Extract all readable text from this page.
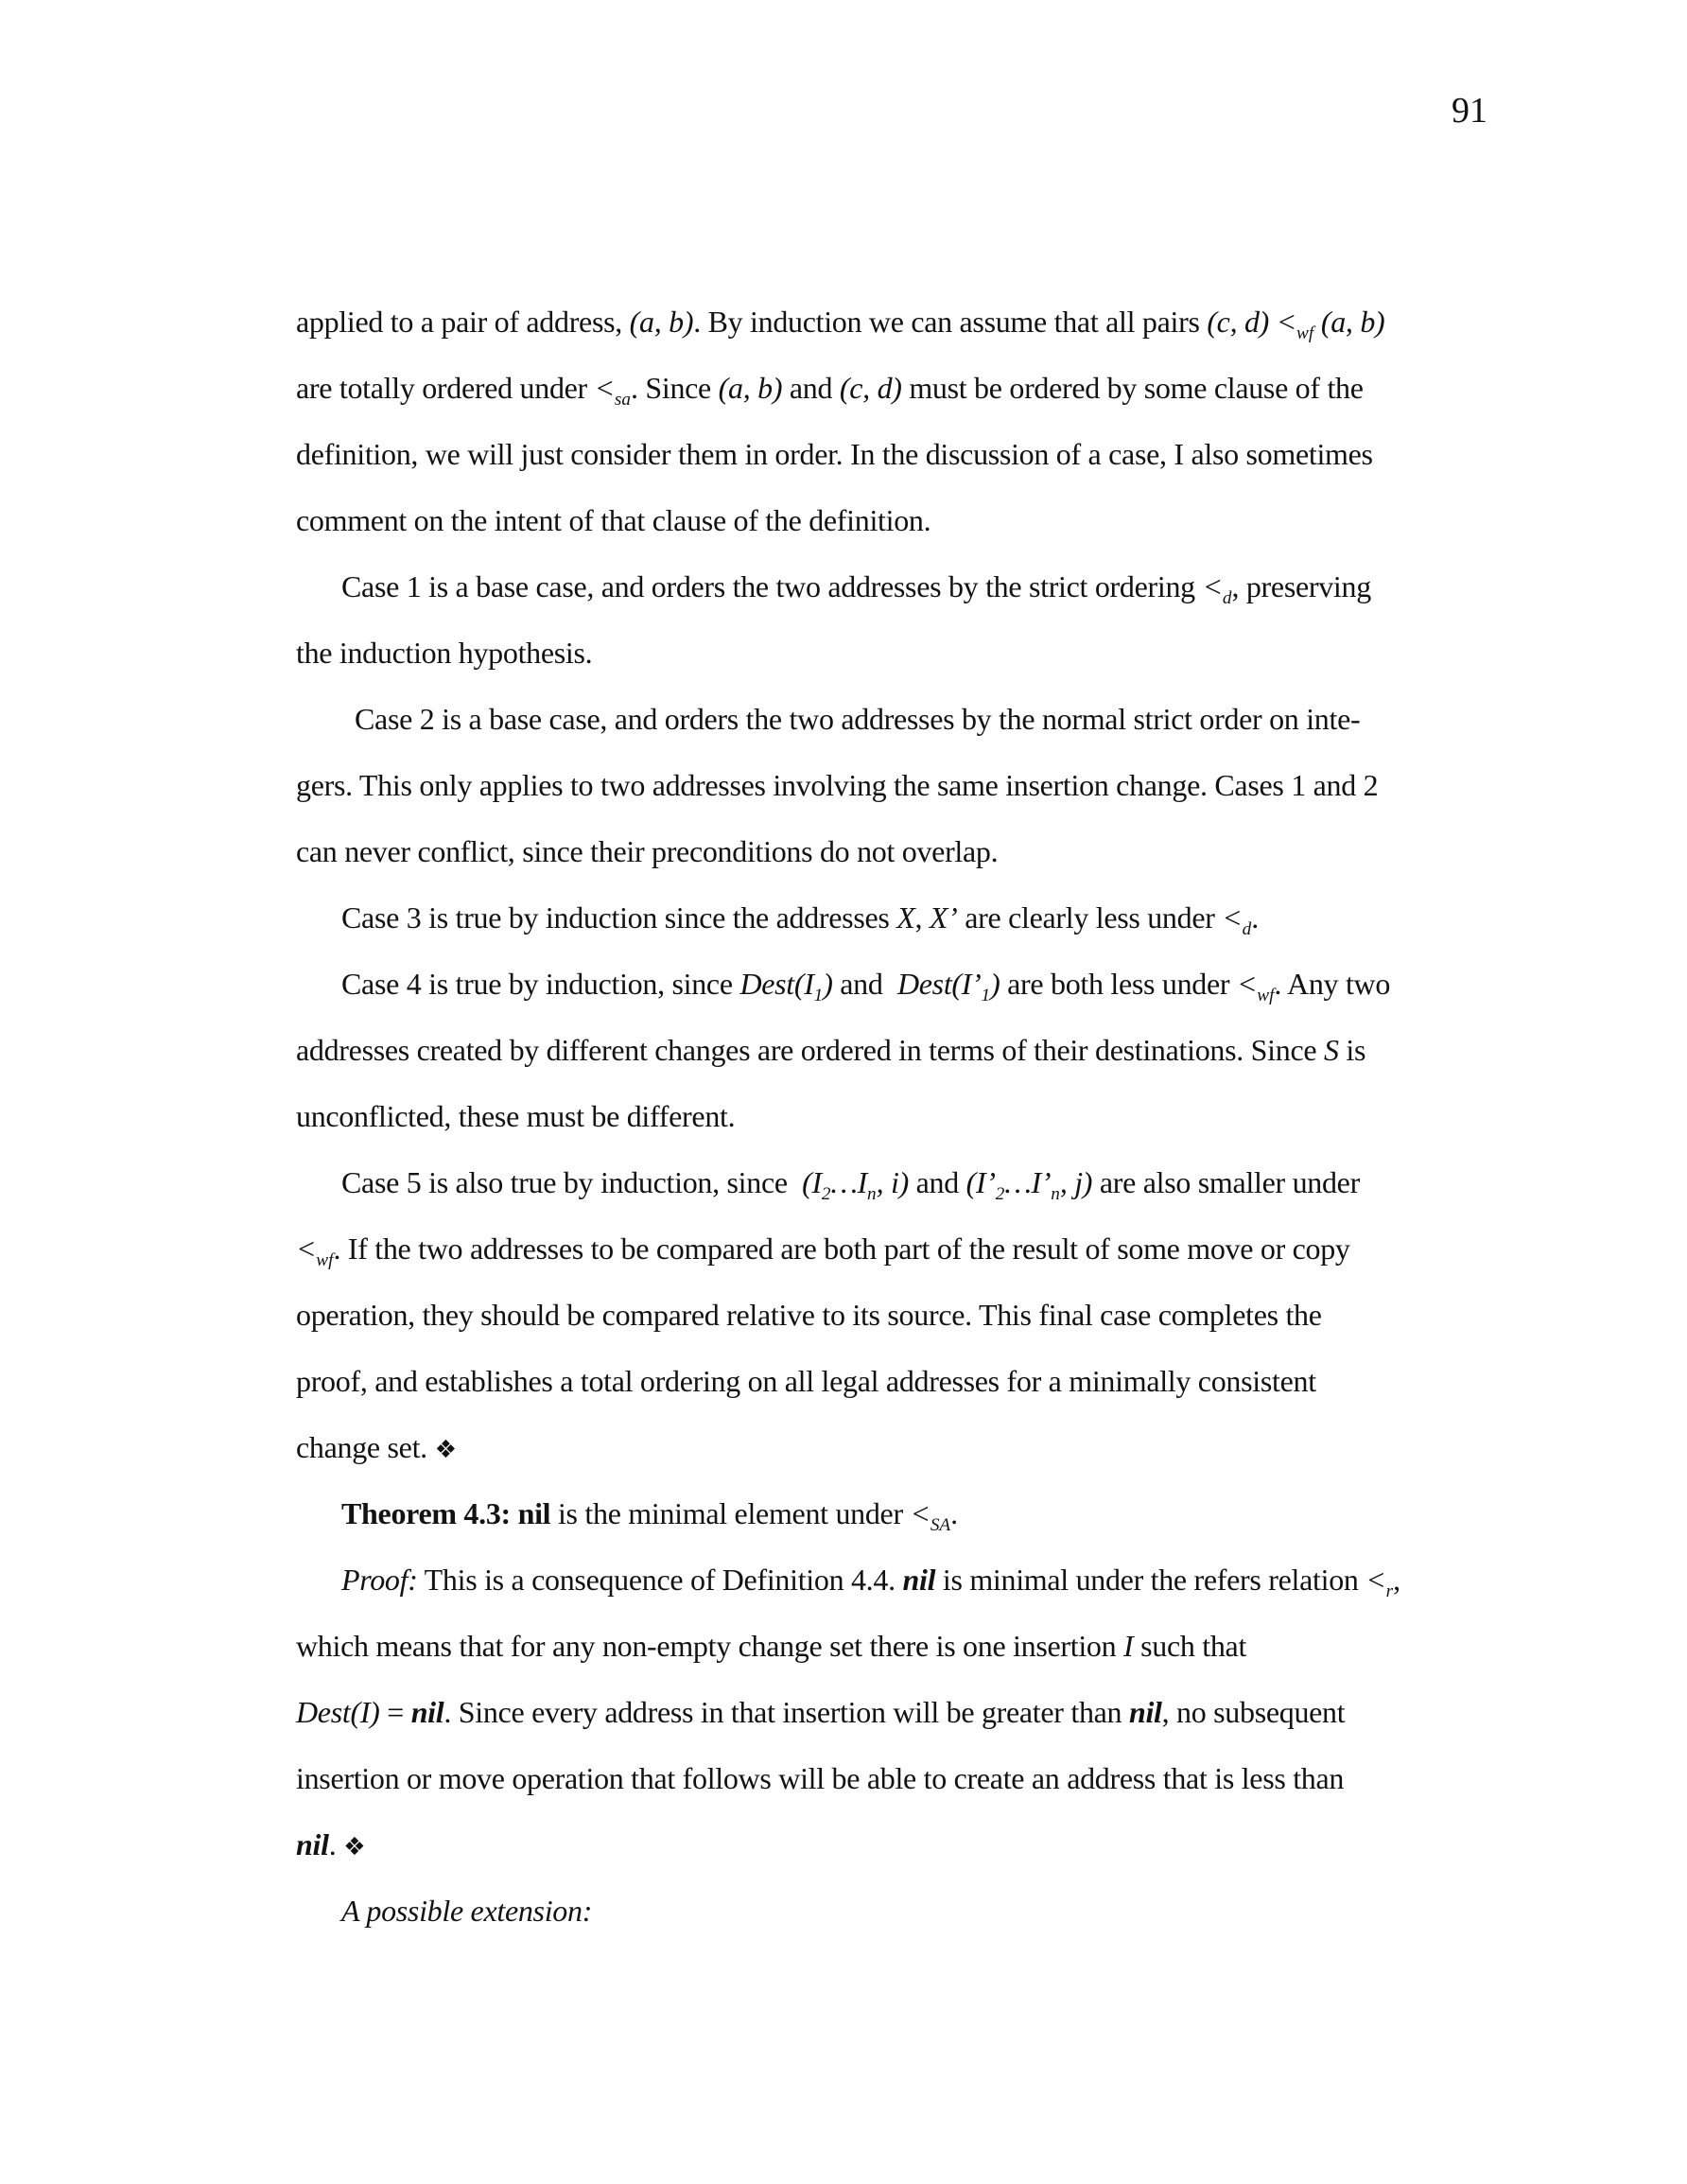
91
applied to a pair of address, (a, b). By induction we can assume that all pairs (c, $d) <_{wf}$ (a, b)
are totally ordered under $<_{sa}$. Since (a, b) and (c, d) must be ordered by some clause of the
definition, we will just consider them in order. In the discussion of a case, I also sometimes
comment on the intent of that clause of the definition.
Case 1 is a base case, and orders the two addresses by the strict ordering $<_d$, preserving
the induction hypothesis.
Case 2 is a base case, and orders the two addresses by the normal strict order on inte-
gers. This only applies to two addresses involving the same insertion change. Cases 1 and 2
can never conflict, since their preconditions do not overlap.
Case 3 is true by induction since the addresses X, X’ are clearly less under $<_d$.
Case 4 is true by induction, since $Dest(I_1)$ and  $Dest(I’_1)$ are both less under $<_{wf}$. Any two
addresses created by different changes are ordered in terms of their destinations. Since S is
unconflicted, these must be different.
Case 5 is also true by induction, since  ($I_2\dots I_n$, i) and ($I’_2\dots I’_n$, j) are also smaller under
$<_{wf}$. If the two addresses to be compared are both part of the result of some move or copy
operation, they should be compared relative to its source. This final case completes the
proof, and establishes a total ordering on all legal addresses for a minimally consistent
change set. ❖
Theorem 4.3: nil is the minimal element under $<_{SA}$.
Proof: This is a consequence of Definition 4.4. nil is minimal under the refers relation $<_r$,
which means that for any non-empty change set there is one insertion I such that
Dest(I) = nil. Since every address in that insertion will be greater than nil, no subsequent
insertion or move operation that follows will be able to create an address that is less than
nil. ❖
A possible extension:
